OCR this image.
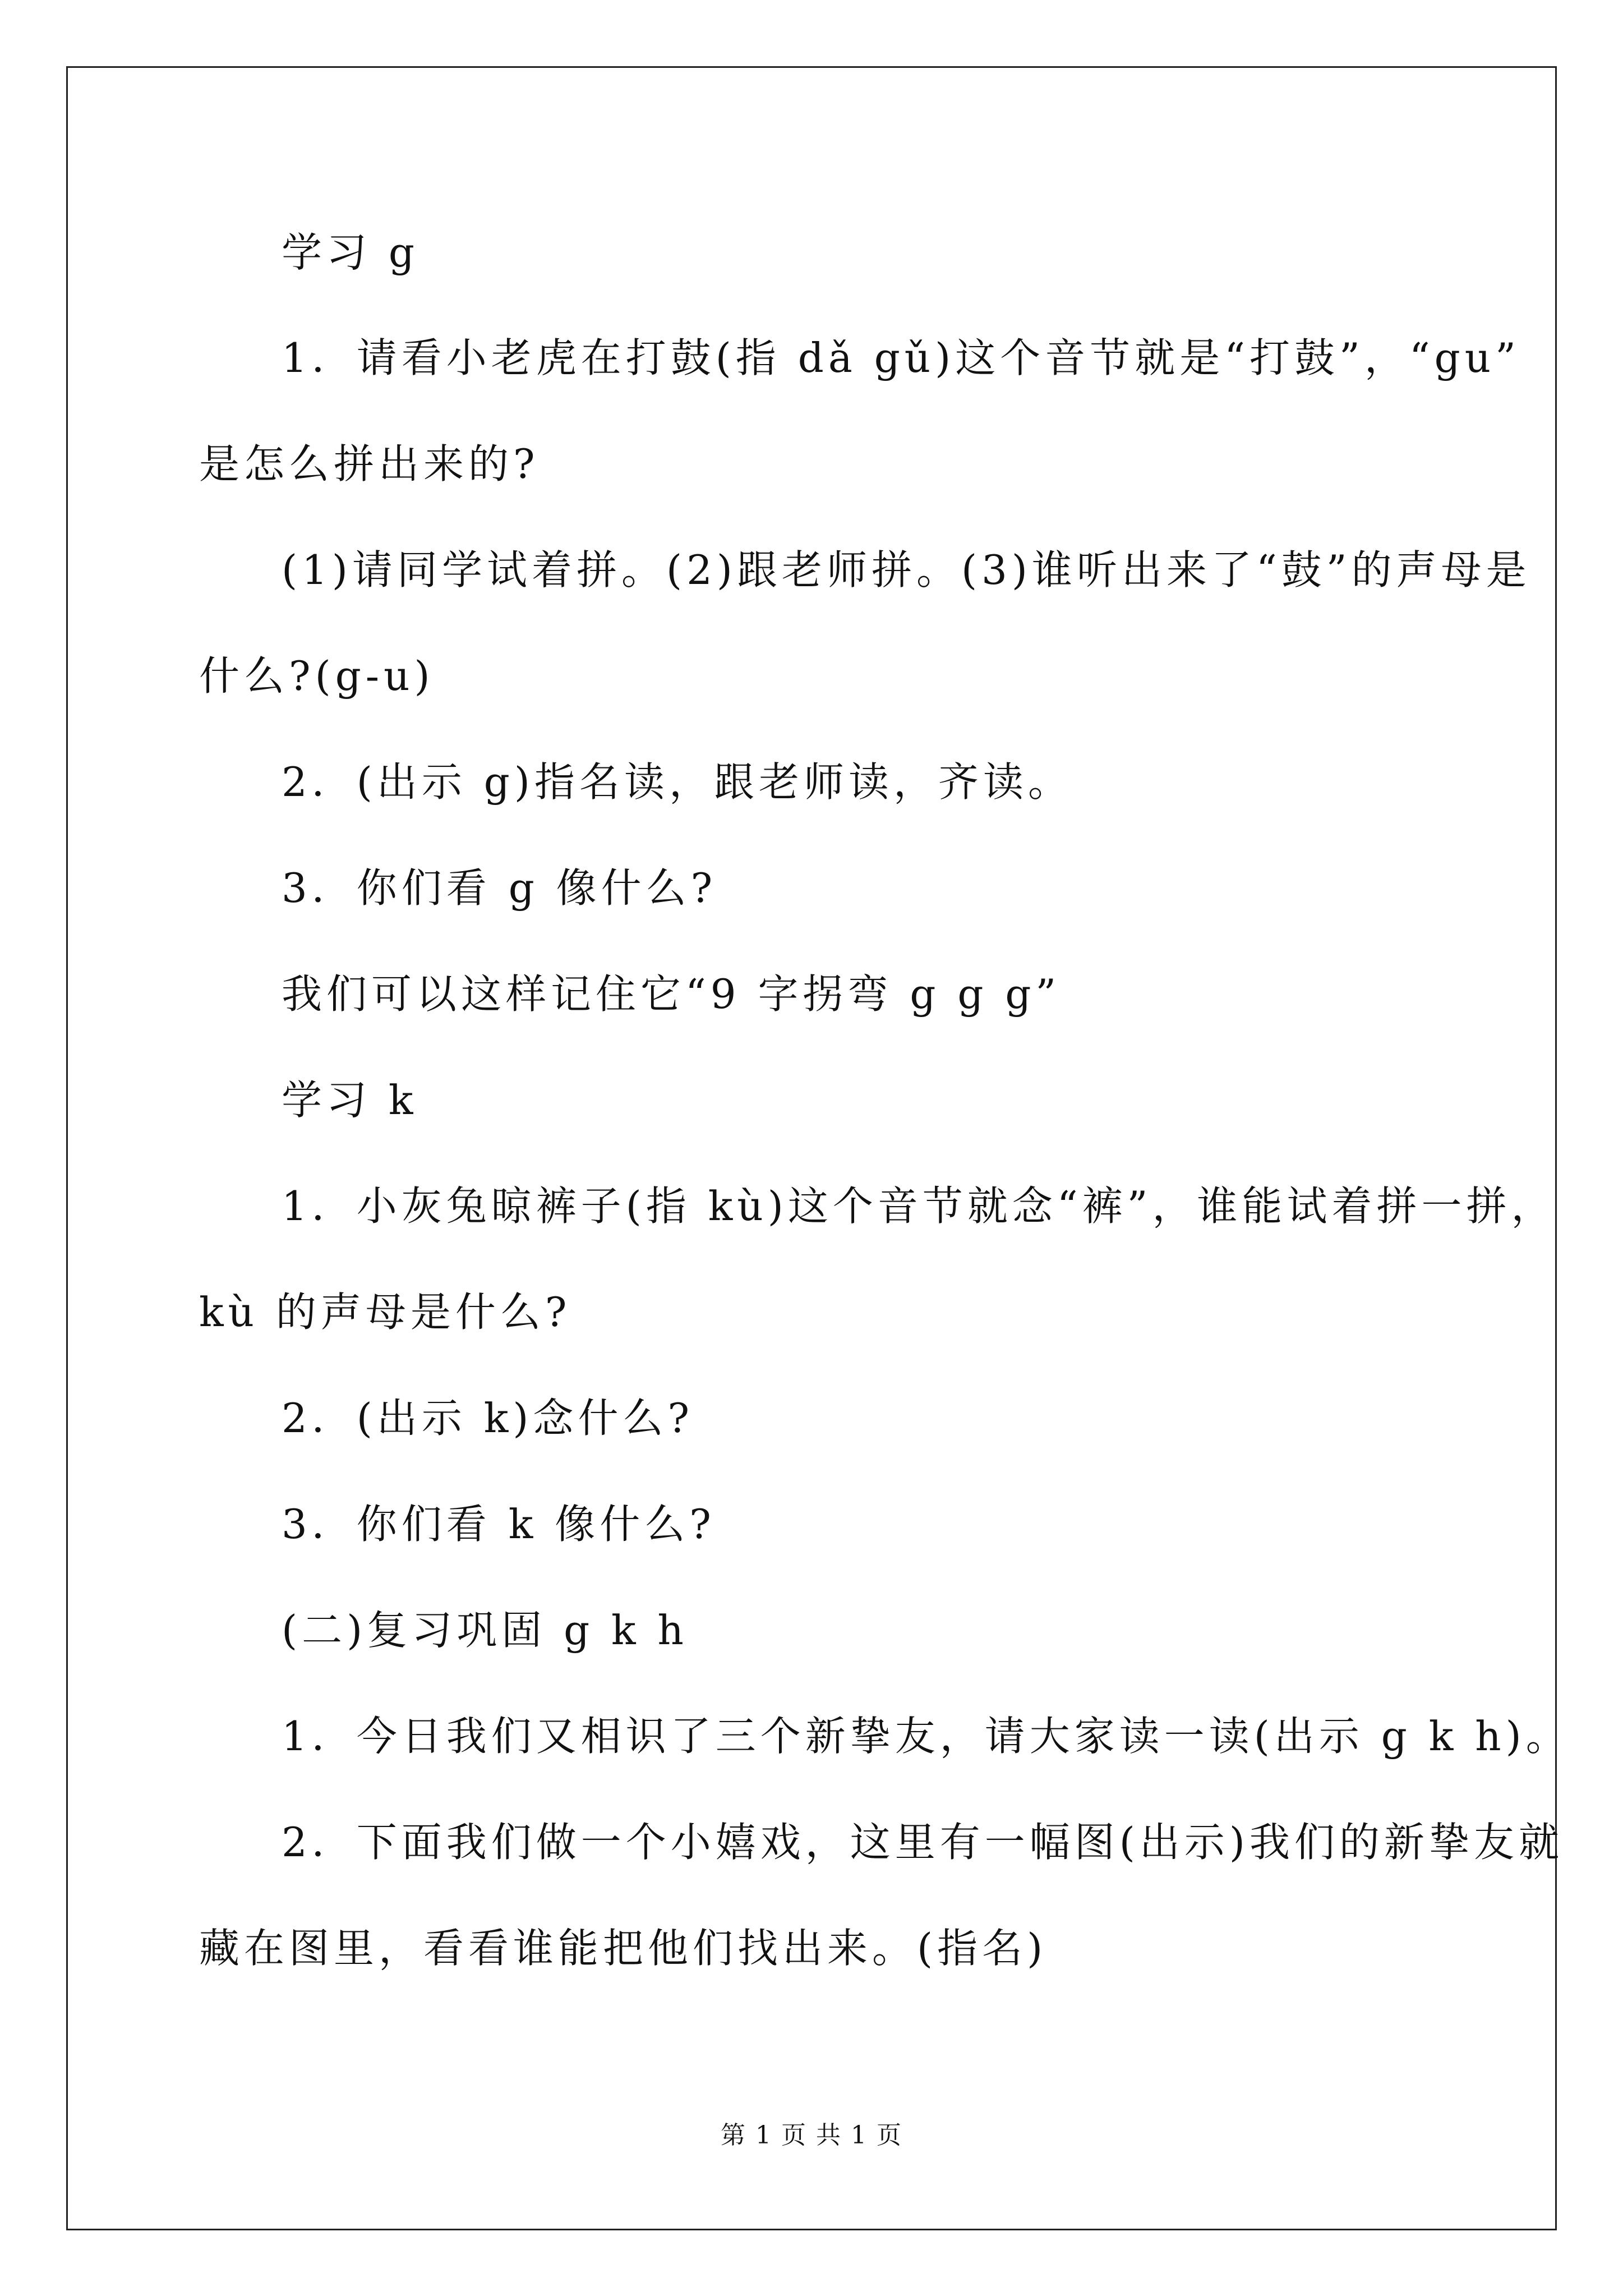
学习 g
1．请看小老虎在打鼓(指 dǎ gǔ)这个音节就是“打鼓”，“gu”
是怎么拼出来的?
(1)请同学试着拼。(2)跟老师拼。(3)谁听出来了“鼓”的声母是
什么?(g-u)
2．(出示 g)指名读，跟老师读，齐读。
3．你们看 g 像什么?
我们可以这样记住它“9 字拐弯 g g g”
学习 k
1．小灰兔晾裤子(指 kù)这个音节就念“裤”，谁能试着拼一拼，
kù 的声母是什么?
2．(出示 k)念什么?
3．你们看 k 像什么?
(二)复习巩固 g k h
1．今日我们又相识了三个新挚友，请大家读一读(出示 g k h)。
2．下面我们做一个小嬉戏，这里有一幅图(出示)我们的新挚友就
藏在图里，看看谁能把他们找出来。(指名)
第 1 页 共 1 页
